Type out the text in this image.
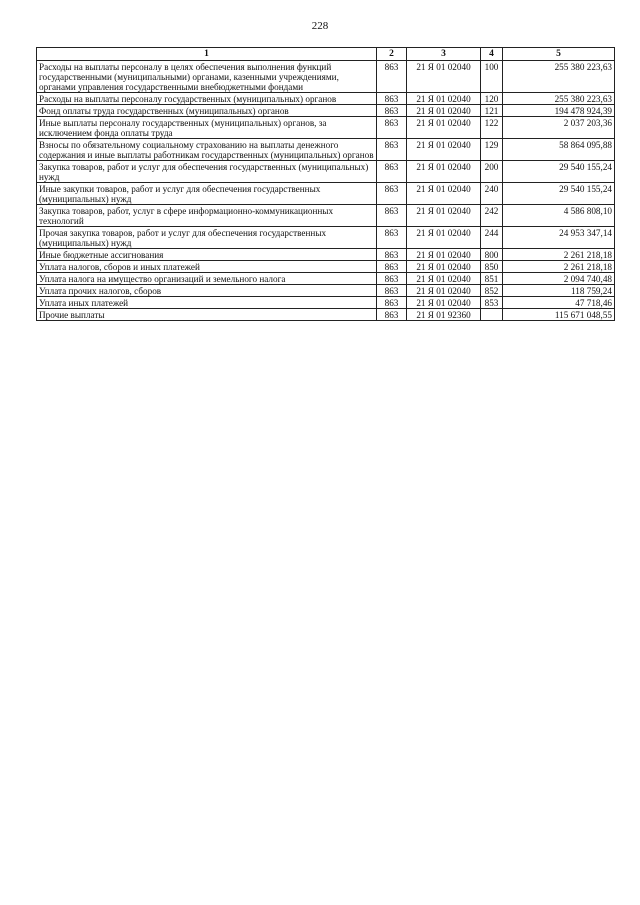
228
1	2	3	4	5
Расходы на выплаты персоналу в целях обеспечения выполнения функций государственными (муниципальными) органами, казенными учреждениями, органами управления государственными внебюджетными фондами	863	21 Я 01 02040	100	255 380 223,63
Расходы на выплаты персоналу государственных (муниципальных) органов	863	21 Я 01 02040	120	255 380 223,63
Фонд оплаты труда государственных (муниципальных) органов	863	21 Я 01 02040	121	194 478 924,39
Иные выплаты персоналу государственных (муниципальных) органов, за исключением фонда оплаты труда	863	21 Я 01 02040	122	2 037 203,36
Взносы по обязательному социальному страхованию на выплаты денежного содержания и иные выплаты работникам государственных (муниципальных) органов	863	21 Я 01 02040	129	58 864 095,88
Закупка товаров, работ и услуг для обеспечения государственных (муниципальных) нужд	863	21 Я 01 02040	200	29 540 155,24
Иные закупки товаров, работ и услуг для обеспечения государственных (муниципальных) нужд	863	21 Я 01 02040	240	29 540 155,24
Закупка товаров, работ, услуг в сфере информационно-коммуникационных технологий	863	21 Я 01 02040	242	4 586 808,10
Прочая закупка товаров, работ и услуг для обеспечения государственных (муниципальных) нужд	863	21 Я 01 02040	244	24 953 347,14
Иные бюджетные ассигнования	863	21 Я 01 02040	800	2 261 218,18
Уплата налогов, сборов и иных платежей	863	21 Я 01 02040	850	2 261 218,18
Уплата налога на имущество организаций и земельного налога	863	21 Я 01 02040	851	2 094 740,48
Уплата прочих налогов, сборов	863	21 Я 01 02040	852	118 759,24
Уплата иных платежей	863	21 Я 01 02040	853	47 718,46
Прочие выплаты	863	21 Я 01 92360		115 671 048,55
